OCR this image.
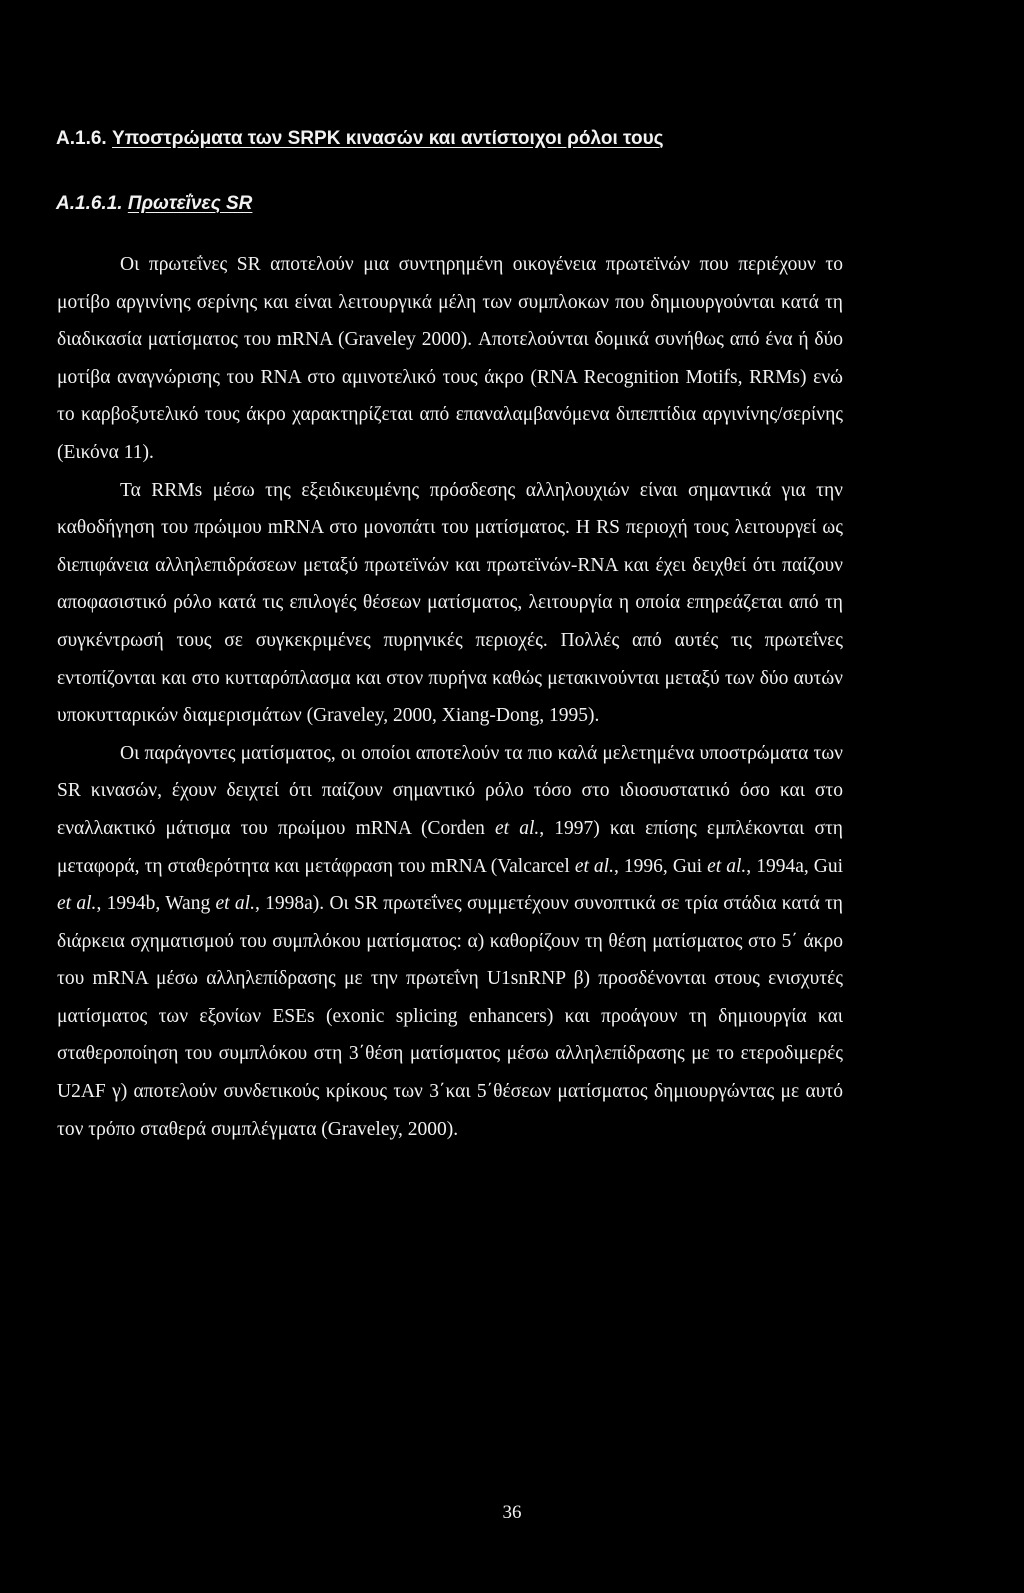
A.1.6. Υποστρώματα των SRPK κινασών και αντίστοιχοι ρόλοι τους
A.1.6.1. Πρωτεΐνες SR

Οι πρωτεΐνες SR αποτελούν μια συντηρημένη οικογένεια πρωτεϊνών που περιέχουν το μοτίβο αργινίνης σερίνης και είναι λειτουργικά μέλη των συμπλοκων που δημιουργούνται κατά τη διαδικασία ματίσματος του mRNA (Graveley 2000). Αποτελούνται δομικά συνήθως από ένα ή δύο μοτίβα αναγνώρισης του RNA στο αμινοτελικό τους άκρο (RNA Recognition Motifs, RRMs) ενώ το καρβοξυτελικό τους άκρο χαρακτηρίζεται από επαναλαμβανόμενα διπεπτίδια αργινίνης/σερίνης (Εικόνα 11).

Τα RRMs μέσω της εξειδικευμένης πρόσδεσης αλληλουχιών είναι σημαντικά για την καθοδήγηση του πρώιμου mRNA στο μονοπάτι του ματίσματος. Η RS περιοχή τους λειτουργεί ως διεπιφάνεια αλληλεπιδράσεων μεταξύ πρωτεϊνών και πρωτεϊνών-RNA και έχει δειχθεί ότι παίζουν αποφασιστικό ρόλο κατά τις επιλογές θέσεων ματίσματος, λειτουργία η οποία επηρεάζεται από τη συγκέντρωσή τους σε συγκεκριμένες πυρηνικές περιοχές. Πολλές από αυτές τις πρωτεΐνες εντοπίζονται και στο κυτταρόπλασμα και στον πυρήνα καθώς μετακινούνται μεταξύ των δύο αυτών υποκυτταρικών διαμερισμάτων (Graveley, 2000, Xiang-Dong, 1995).

Οι παράγοντες ματίσματος, οι οποίοι αποτελούν τα πιο καλά μελετημένα υποστρώματα των SR κινασών, έχουν δειχτεί ότι παίζουν σημαντικό ρόλο τόσο στο ιδιοσυστατικό όσο και στο εναλλακτικό μάτισμα του πρωίμου mRNA (Corden et al., 1997) και επίσης εμπλέκονται στη μεταφορά, τη σταθερότητα και μετάφραση του mRNA (Valcarcel et al., 1996, Gui et al., 1994a, Gui et al., 1994b, Wang et al., 1998a). Οι SR πρωτεΐνες συμμετέχουν συνοπτικά σε τρία στάδια κατά τη διάρκεια σχηματισμού του συμπλόκου ματίσματος: α) καθορίζουν τη θέση ματίσματος στο 5΄ άκρο του mRNA μέσω αλληλεπίδρασης με την πρωτεΐνη U1snRNP β) προσδένονται στους ενισχυτές ματίσματος των εξονίων ESEs (exonic splicing enhancers) και προάγουν τη δημιουργία και σταθεροποίηση του συμπλόκου στη 3΄θέση ματίσματος μέσω αλληλεπίδρασης με το ετεροδιμερές U2AF γ) αποτελούν συνδετικούς κρίκους των 3΄και 5΄θέσεων ματίσματος δημιουργώντας με αυτό τον τρόπο σταθερά συμπλέγματα (Graveley, 2000).

36
